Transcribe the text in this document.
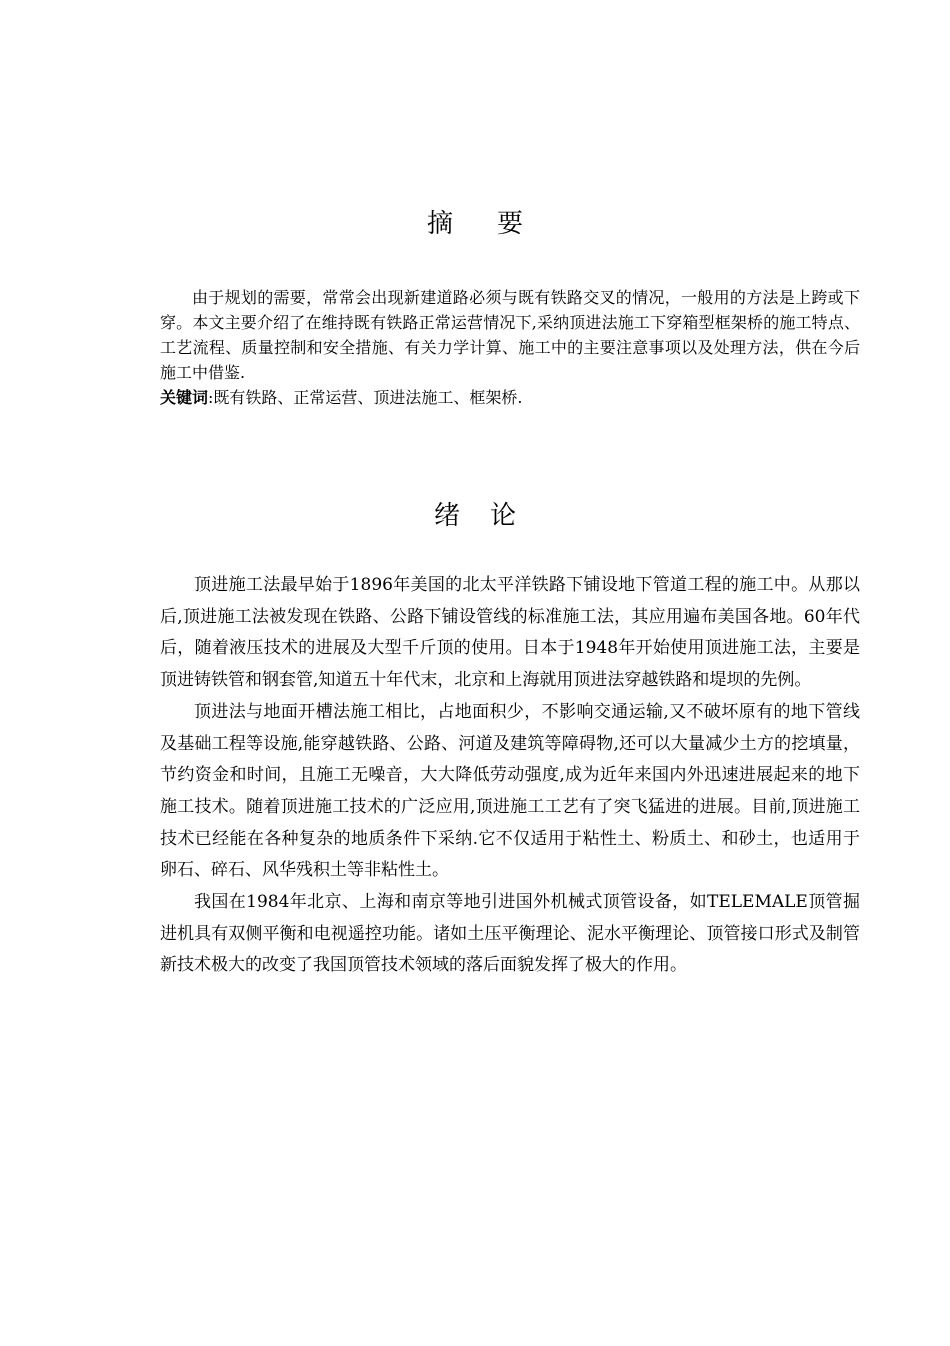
摘 要

由于规划的需要，常常会出现新建道路必须与既有铁路交叉的情况，一般用的方法是上跨或下穿。本文主要介绍了在维持既有铁路正常运营情况下,采纳顶进法施工下穿箱型框架桥的施工特点、工艺流程、质量控制和安全措施、有关力学计算、施工中的主要注意事项以及处理方法，供在今后施工中借鉴.

关键词:既有铁路、正常运营、顶进法施工、框架桥.
绪 论

顶进施工法最早始于1896年美国的北太平洋铁路下铺设地下管道工程的施工中。从那以后,顶进施工法被发现在铁路、公路下铺设管线的标准施工法，其应用遍布美国各地。60年代后，随着液压技术的进展及大型千斤顶的使用。日本于1948年开始使用顶进施工法，主要是顶进铸铁管和钢套管,知道五十年代末，北京和上海就用顶进法穿越铁路和堤坝的先例。

顶进法与地面开槽法施工相比，占地面积少，不影响交通运输,又不破坏原有的地下管线及基础工程等设施,能穿越铁路、公路、河道及建筑等障碍物,还可以大量减少土方的挖填量，节约资金和时间，且施工无噪音，大大降低劳动强度,成为近年来国内外迅速进展起来的地下施工技术。随着顶进施工技术的广泛应用,顶进施工工艺有了突飞猛进的进展。目前,顶进施工技术已经能在各种复杂的地质条件下采纳.它不仅适用于粘性土、粉质土、和砂土，也适用于卵石、碎石、风华残积土等非粘性土。

我国在1984年北京、上海和南京等地引进国外机械式顶管设备，如TELEMALE顶管掘进机具有双侧平衡和电视遥控功能。诸如土压平衡理论、泥水平衡理论、顶管接口形式及制管新技术极大的改变了我国顶管技术领域的落后面貌发挥了极大的作用。
